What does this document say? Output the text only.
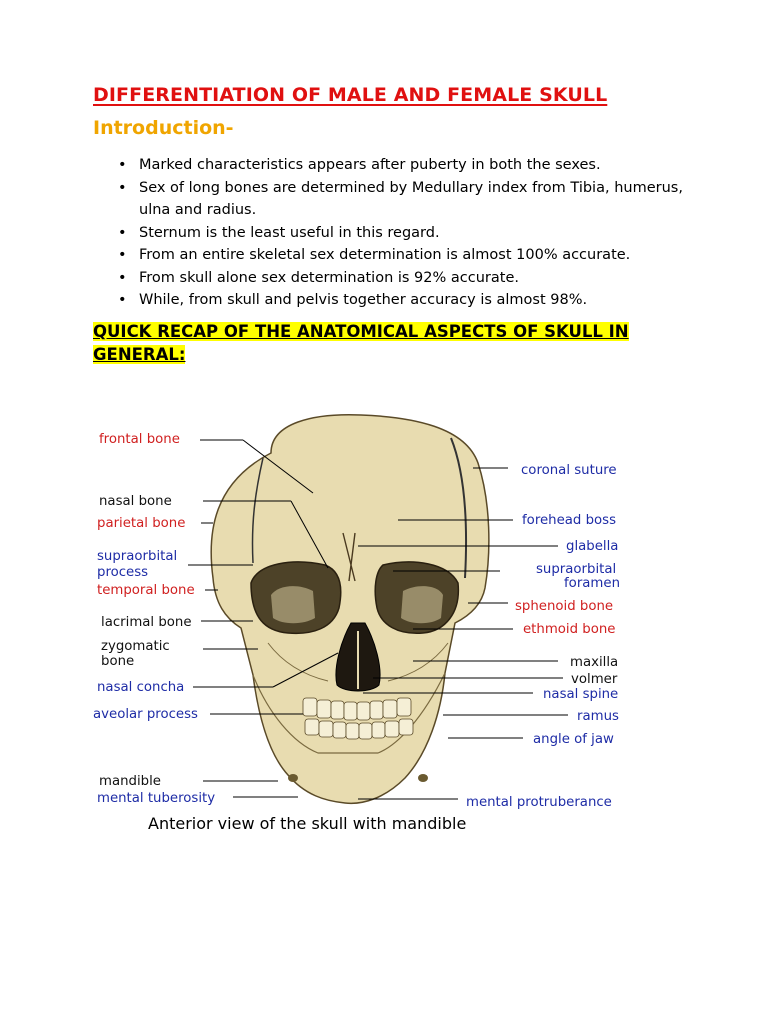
DIFFERENTIATION OF MALE AND FEMALE SKULL
Introduction-
• Marked characteristics appears after puberty in both the sexes.
• Sex of long bones are determined by Medullary index from Tibia, humerus, ulna and radius.
• Sternum is the least useful in this regard.
• From an entire skeletal sex determination is almost 100% accurate.
• From skull alone sex determination is 92% accurate.
• While, from skull and pelvis together accuracy is almost 98%.
QUICK RECAP OF THE ANATOMICAL ASPECTS OF SKULL IN GENERAL:
frontal bone
nasal bone
parietal bone
supraorbital
process
temporal bone
lacrimal bone
zygomatic
bone
nasal concha
aveolar process
mandible
mental tuberosity
coronal suture
forehead boss
glabella
supraorbital
foramen
sphenoid bone
ethmoid bone
maxilla
volmer
nasal spine
ramus
angle of jaw
mental protruberance
Anterior view of the skull with mandible
